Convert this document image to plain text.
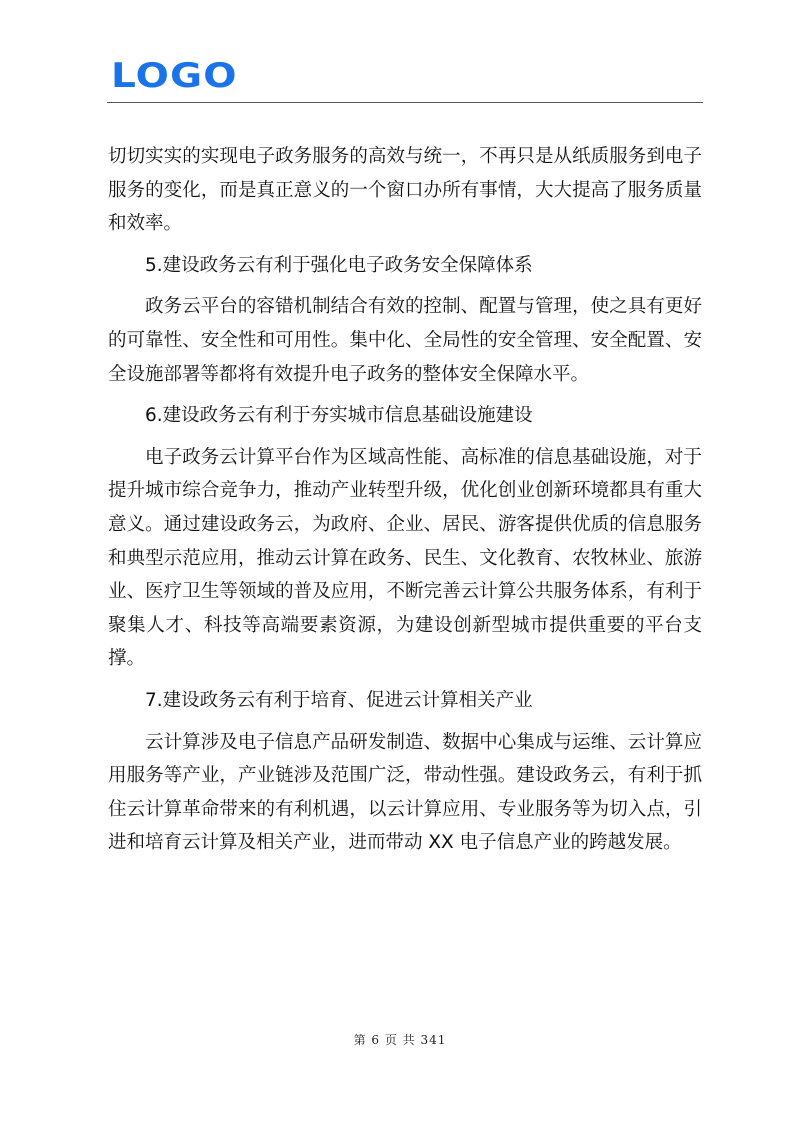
LOGO

切切实实的实现电子政务服务的高效与统一，不再只是从纸质服务到电子服务的变化，而是真正意义的一个窗口办所有事情，大大提高了服务质量和效率。

5.建设政务云有利于强化电子政务安全保障体系

政务云平台的容错机制结合有效的控制、配置与管理，使之具有更好的可靠性、安全性和可用性。集中化、全局性的安全管理、安全配置、安全设施部署等都将有效提升电子政务的整体安全保障水平。

6.建设政务云有利于夯实城市信息基础设施建设

电子政务云计算平台作为区域高性能、高标准的信息基础设施，对于提升城市综合竞争力，推动产业转型升级，优化创业创新环境都具有重大意义。通过建设政务云，为政府、企业、居民、游客提供优质的信息服务和典型示范应用，推动云计算在政务、民生、文化教育、农牧林业、旅游业、医疗卫生等领域的普及应用，不断完善云计算公共服务体系，有利于聚集人才、科技等高端要素资源，为建设创新型城市提供重要的平台支撑。

7.建设政务云有利于培育、促进云计算相关产业

云计算涉及电子信息产品研发制造、数据中心集成与运维、云计算应用服务等产业，产业链涉及范围广泛，带动性强。建设政务云，有利于抓住云计算革命带来的有利机遇，以云计算应用、专业服务等为切入点，引进和培育云计算及相关产业，进而带动 XX 电子信息产业的跨越发展。

第 6 页 共 341
